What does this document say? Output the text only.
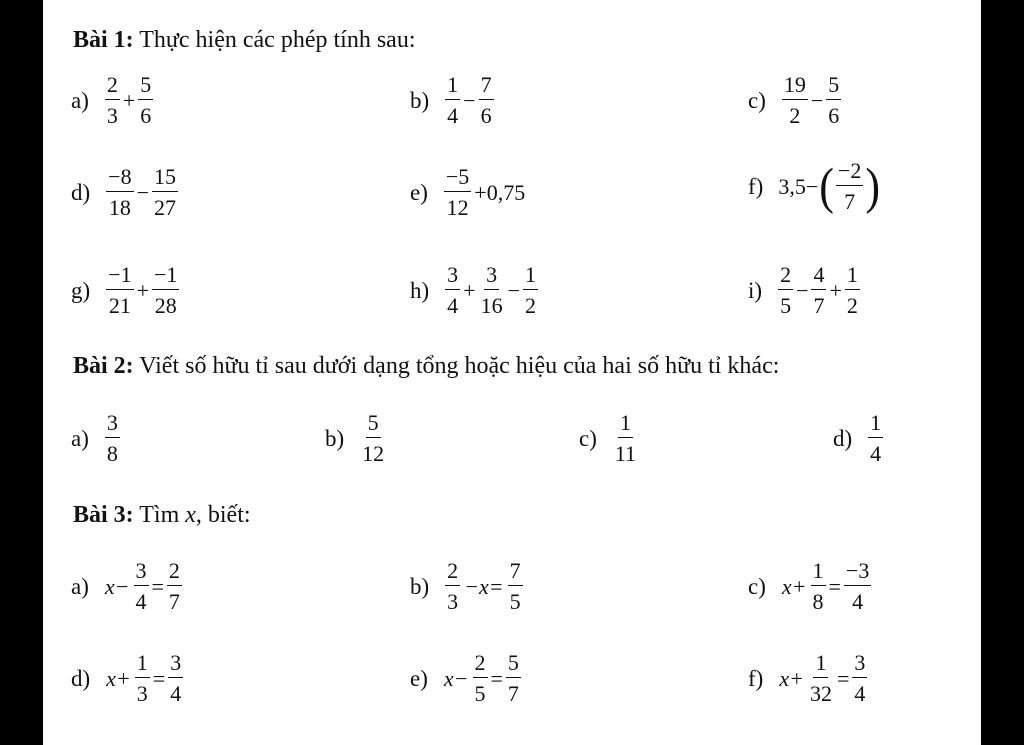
Bài 1: Thực hiện các phép tính sau:
$a) \frac{2}{3} + \frac{5}{6}$	$b) \frac{1}{4} - \frac{7}{6}$	$c) \frac{19}{2} - \frac{5}{6}$
$d) \frac{-8}{18} - \frac{15}{27}$	$e) \frac{-5}{12} +0,75$	f) 3,5− ( $\frac{-2}{7}$ )
$g) \frac{-1}{21} + \frac{-1}{28}$	$h) \frac{3}{4} + \frac{3}{16} - \frac{1}{2}$	$i) \frac{2}{5} - \frac{4}{7} + \frac{1}{2}$
Bài 2: Viết số hữu tỉ sau dưới dạng tổng hoặc hiệu của hai số hữu tỉ khác:
$a) \frac{3}{8}$	$b) \frac{5}{12}$	$c) \frac{1}{11}$	$d) \frac{1}{4}$
Bài 3: Tìm x, biết:
a) $x- \frac{3}{4} = \frac{2}{7}$	$b) \frac{2}{3} -x= \frac{7}{5}$	c) $x+ \frac{1}{8} = \frac{-3}{4}$
d) $x+ \frac{1}{3} = \frac{3}{4}$	e) $x- \frac{2}{5} = \frac{5}{7}$	f) $x+ \frac{1}{32} = \frac{3}{4}$
